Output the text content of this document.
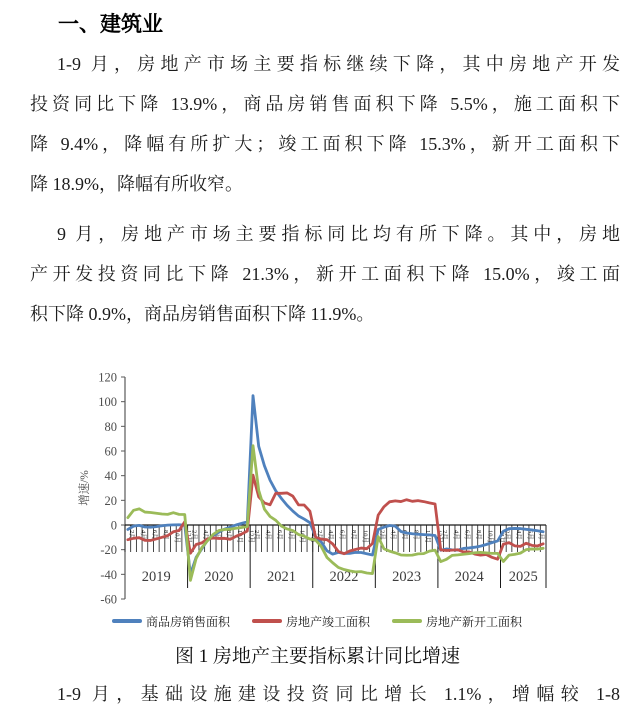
一、建筑业
1-9 月，房地产市场主要指标继续下降，其中房地产开发
投资同比下降 13.9%，商品房销售面积下降 5.5%，施工面积下
降 9.4%，降幅有所扩大；竣工面积下降 15.3%，新开工面积下
降 18.9%，降幅有所收窄。
9 月，房地产市场主要指标同比均有所下降。其中，房地
产开发投资同比下降 21.3%，新开工面积下降 15.0%，竣工面
积下降 0.9%，商品房销售面积下降 11.9%。
120
100
80
60
40
20
0
-20
-40
-60
增速/%
2月 4月 6月 8月 10月 12月
2月 4月 6月 8月 10月 12月
2月 4月 6月 8月 10月 12月
2月 4月 6月 8月 10月 12月
2月 4月 6月 8月 10月 12月
2月 4月 6月 8月 10月 12月
2月 4月 6月 8月
2019 2020 2021 2022 2023 2024 2025
商品房销售面积	房地产竣工面积	房地产新开工面积
图 1 房地产主要指标累计同比增速
1-9 月，基础设施建设投资同比增长 1.1%，增幅较 1-8
